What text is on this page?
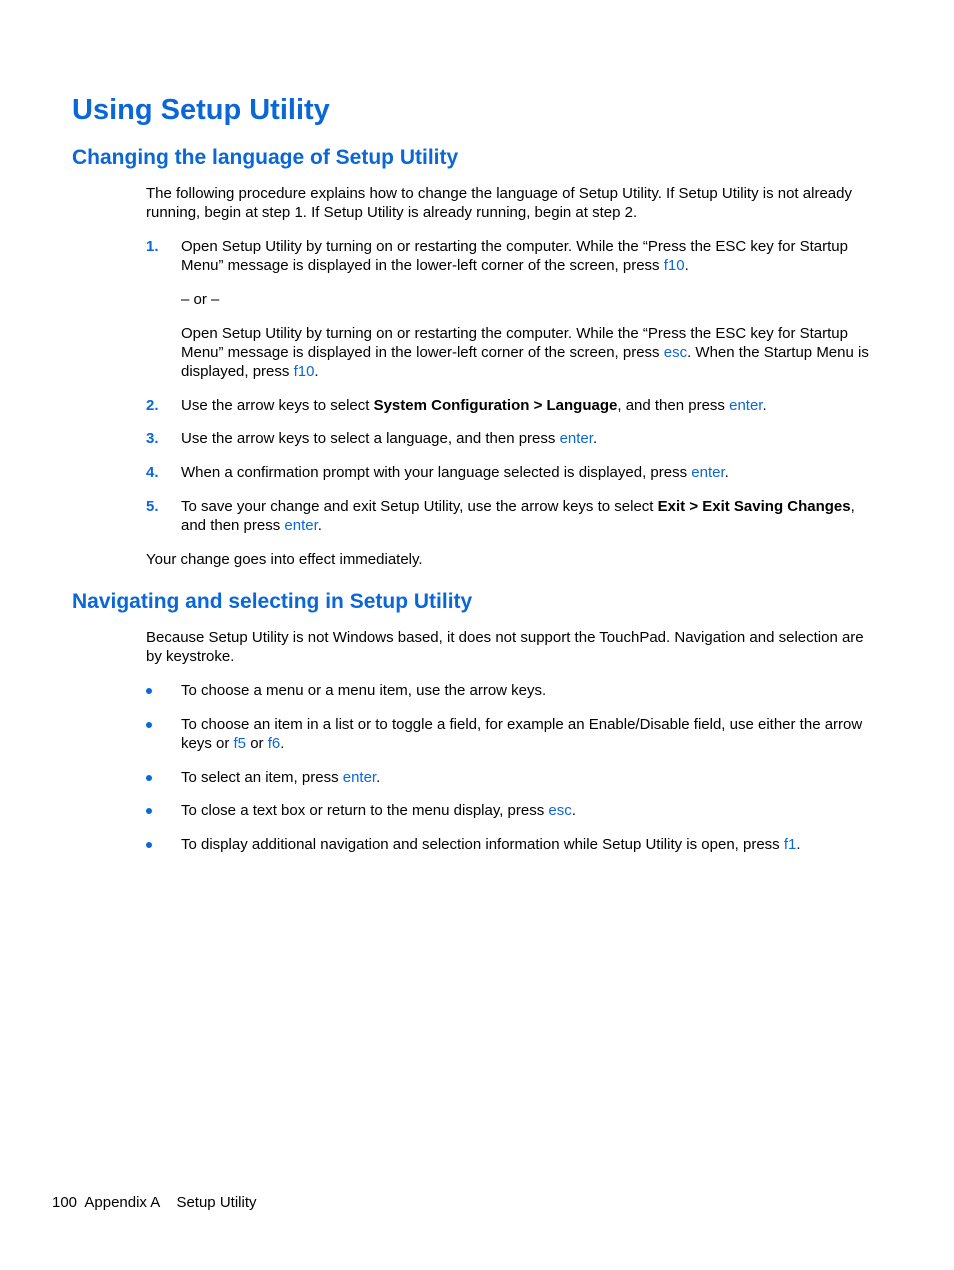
Using Setup Utility
Changing the language of Setup Utility

The following procedure explains how to change the language of Setup Utility. If Setup Utility is not already running, begin at step 1. If Setup Utility is already running, begin at step 2.

1. Open Setup Utility by turning on or restarting the computer. While the “Press the ESC key for Startup Menu” message is displayed in the lower-left corner of the screen, press f10.
– or –
Open Setup Utility by turning on or restarting the computer. While the “Press the ESC key for Startup Menu” message is displayed in the lower-left corner of the screen, press esc. When the Startup Menu is displayed, press f10.
2. Use the arrow keys to select System Configuration > Language, and then press enter.
3. Use the arrow keys to select a language, and then press enter.
4. When a confirmation prompt with your language selected is displayed, press enter.
5. To save your change and exit Setup Utility, use the arrow keys to select Exit > Exit Saving Changes, and then press enter.

Your change goes into effect immediately.

Navigating and selecting in Setup Utility

Because Setup Utility is not Windows based, it does not support the TouchPad. Navigation and selection are by keystroke.

To choose a menu or a menu item, use the arrow keys.
To choose an item in a list or to toggle a field, for example an Enable/Disable field, use either the arrow keys or f5 or f6.
To select an item, press enter.
To close a text box or return to the menu display, press esc.
To display additional navigation and selection information while Setup Utility is open, press f1.
100 Appendix A Setup Utility
